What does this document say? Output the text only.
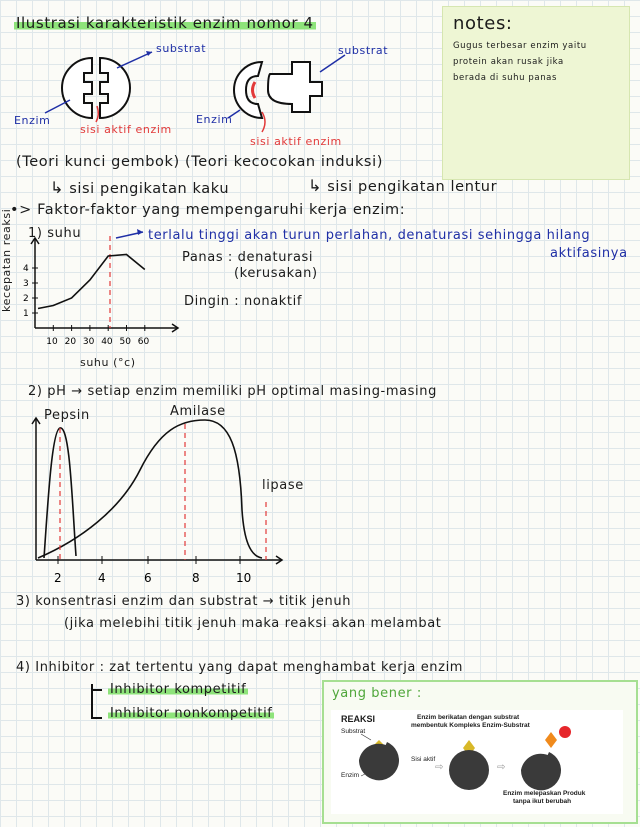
Ilustrasi karakteristik enzim nomor 4	notes:
Gugus terbesar enzim yaitu
protein akan rusak jika
berada di suhu panas
substrat	substrat
Enzim	Enzim
sisi aktif enzim
sisi aktif enzim
(Teori kunci gembok) (Teori kecocokan induksi)
↳ sisi pengikatan kaku	↳ sisi pengikatan lentur
•> Faktor-faktor yang mempengaruhi kerja enzim:
1) suhu	terlalu tinggi akan turun perlahan, denaturasi sehingga hilang
aktifasinya
Panas : denaturasi
(kerusakan)
Dingin : nonaktif
10 20 30 40 50 60
1
2
3
4
kecepatan reaksi
suhu (°c)
2) pH → setiap enzim memiliki pH optimal masing-masing
Pepsin	Amilase
lipase
2	4	6	8	10
3) konsentrasi enzim dan substrat → titik jenuh
(jika melebihi titik jenuh maka reaksi akan melambat
4) Inhibitor : zat tertentu yang dapat menghambat kerja enzim
Inhibitor kompetitif
Inhibitor nonkompetitif
yang bener :
REAKSI
Substrat
Enzim
Sisi aktif
Enzim berikatan dengan substrat
membentuk Kompleks Enzim-Substrat
Enzim melepaskan Produk
tanpa ikut berubah
⇨	⇨
